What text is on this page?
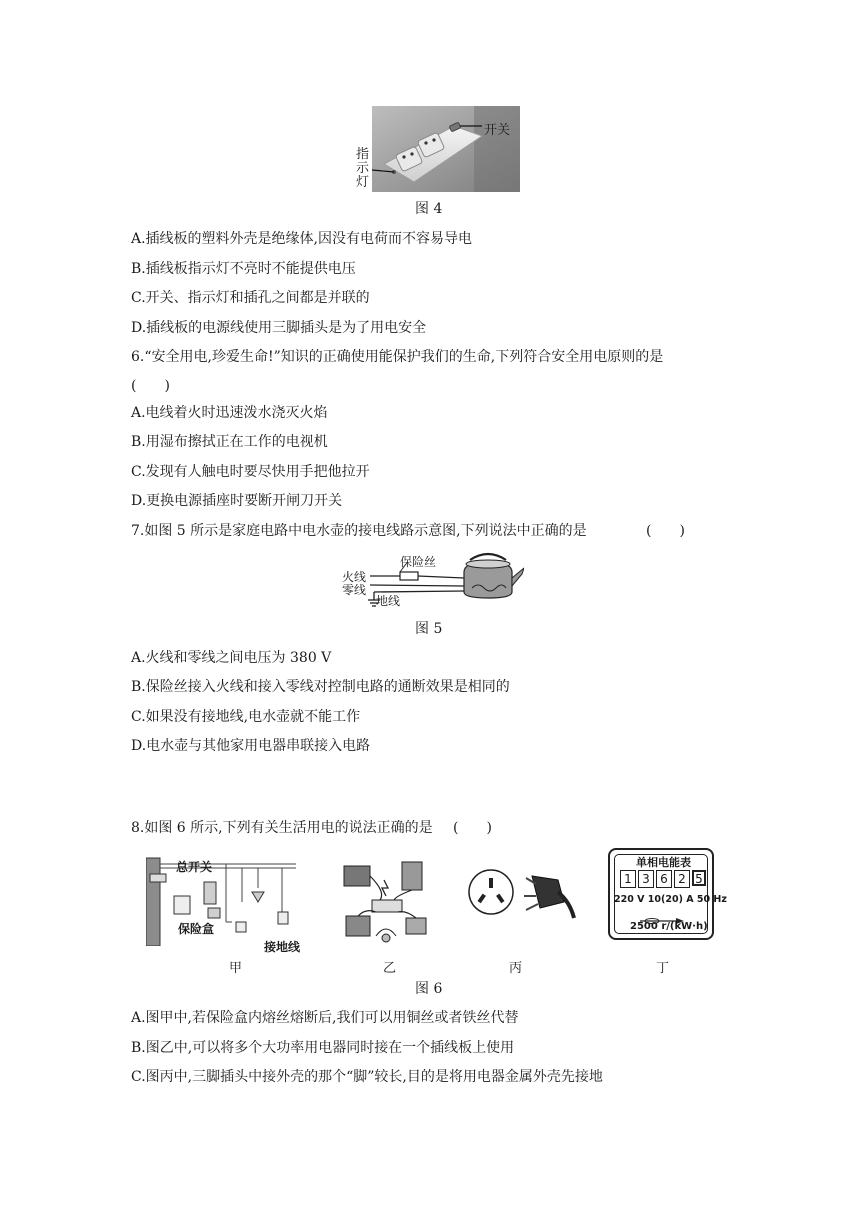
开关
指示灯
图 4
A.插线板的塑料外壳是绝缘体,因没有电荷而不容易导电
B.插线板指示灯不亮时不能提供电压
C.开关、指示灯和插孔之间都是并联的
D.插线板的电源线使用三脚插头是为了用电安全
6.“安全用电,珍爱生命!”知识的正确使用能保护我们的生命,下列符合安全用电原则的是
(　　)
A.电线着火时迅速泼水浇灭火焰
B.用湿布擦拭正在工作的电视机
C.发现有人触电时要尽快用手把他拉开
D.更换电源插座时要断开闸刀开关
7.如图 5 所示是家庭电路中电水壶的接电线路示意图,下列说法中正确的是	(　　)
保险丝
火线
零线
地线
图 5
A.火线和零线之间电压为 380 V
B.保险丝接入火线和接入零线对控制电路的通断效果是相同的
C.如果没有接地线,电水壶就不能工作
D.电水壶与其他家用电器串联接入电路
8.如图 6 所示,下列有关生活用电的说法正确的是 (　　)
总开关
保险盒
接地线
单相电能表
1 3 6 2 5
220 V 10(20) A 50 Hz
2500 r/(kW·h)
甲	乙	丙	丁
图 6
A.图甲中,若保险盒内熔丝熔断后,我们可以用铜丝或者铁丝代替
B.图乙中,可以将多个大功率用电器同时接在一个插线板上使用
C.图丙中,三脚插头中接外壳的那个“脚”较长,目的是将用电器金属外壳先接地
